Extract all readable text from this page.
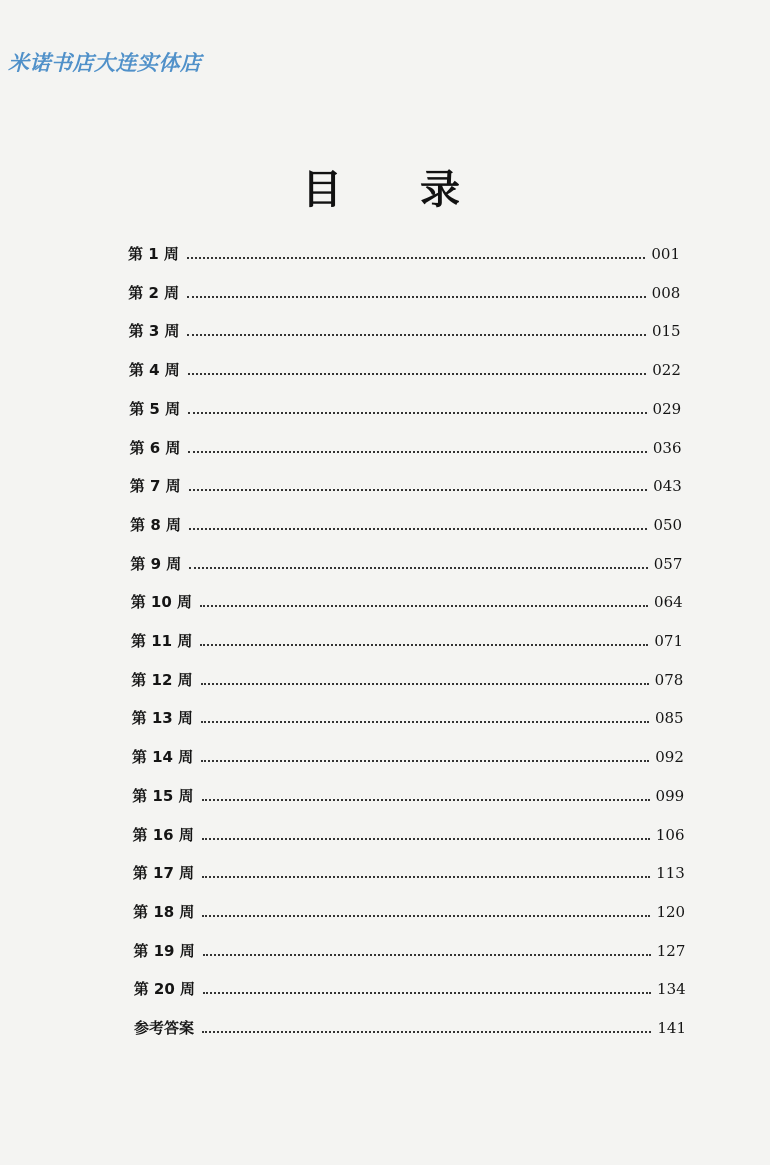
米诺书店大连实体店
目 录
第 1 周	001
第 2 周	008
第 3 周	015
第 4 周	022
第 5 周	029
第 6 周	036
第 7 周	043
第 8 周	050
第 9 周	057
第 10 周	064
第 11 周	071
第 12 周	078
第 13 周	085
第 14 周	092
第 15 周	099
第 16 周	106
第 17 周	113
第 18 周	120
第 19 周	127
第 20 周	134
参考答案	141
